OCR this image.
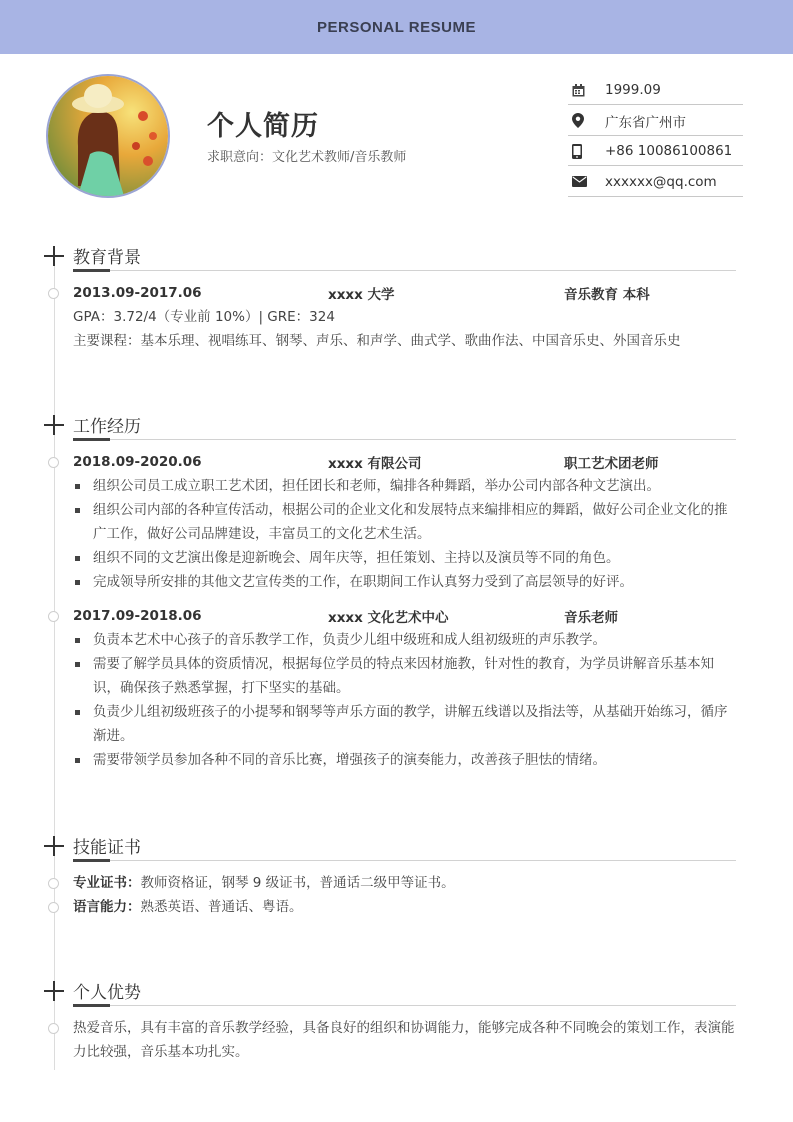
PERSONAL RESUME
个人简历
求职意向：文化艺术教师/音乐教师
1999.09
广东省广州市
+86 10086100861
xxxxxx@qq.com
教育背景
2013.09-2017.06	xxxx 大学	音乐教育 本科
GPA：3.72/4（专业前 10%）| GRE：324
主要课程：基本乐理、视唱练耳、钢琴、声乐、和声学、曲式学、歌曲作法、中国音乐史、外国音乐史
工作经历
2018.09-2020.06	xxxx 有限公司	职工艺术团老师
组织公司员工成立职工艺术团，担任团长和老师，编排各种舞蹈，举办公司内部各种文艺演出。
组织公司内部的各种宣传活动，根据公司的企业文化和发展特点来编排相应的舞蹈，做好公司企业文化的推广工作，做好公司品牌建设，丰富员工的文化艺术生活。
组织不同的文艺演出像是迎新晚会、周年庆等，担任策划、主持以及演员等不同的角色。
完成领导所安排的其他文艺宣传类的工作，在职期间工作认真努力受到了高层领导的好评。
2017.09-2018.06	xxxx 文化艺术中心	音乐老师
负责本艺术中心孩子的音乐教学工作，负责少儿组中级班和成人组初级班的声乐教学。
需要了解学员具体的资质情况，根据每位学员的特点来因材施教，针对性的教育，为学员讲解音乐基本知识，确保孩子熟悉掌握，打下坚实的基础。
负责少儿组初级班孩子的小提琴和钢琴等声乐方面的教学，讲解五线谱以及指法等，从基础开始练习，循序渐进。
需要带领学员参加各种不同的音乐比赛，增强孩子的演奏能力，改善孩子胆怯的情绪。
技能证书
专业证书：教师资格证，钢琴 9 级证书，普通话二级甲等证书。
语言能力：熟悉英语、普通话、粤语。
个人优势
热爱音乐，具有丰富的音乐教学经验，具备良好的组织和协调能力，能够完成各种不同晚会的策划工作，表演能力比较强，音乐基本功扎实。
